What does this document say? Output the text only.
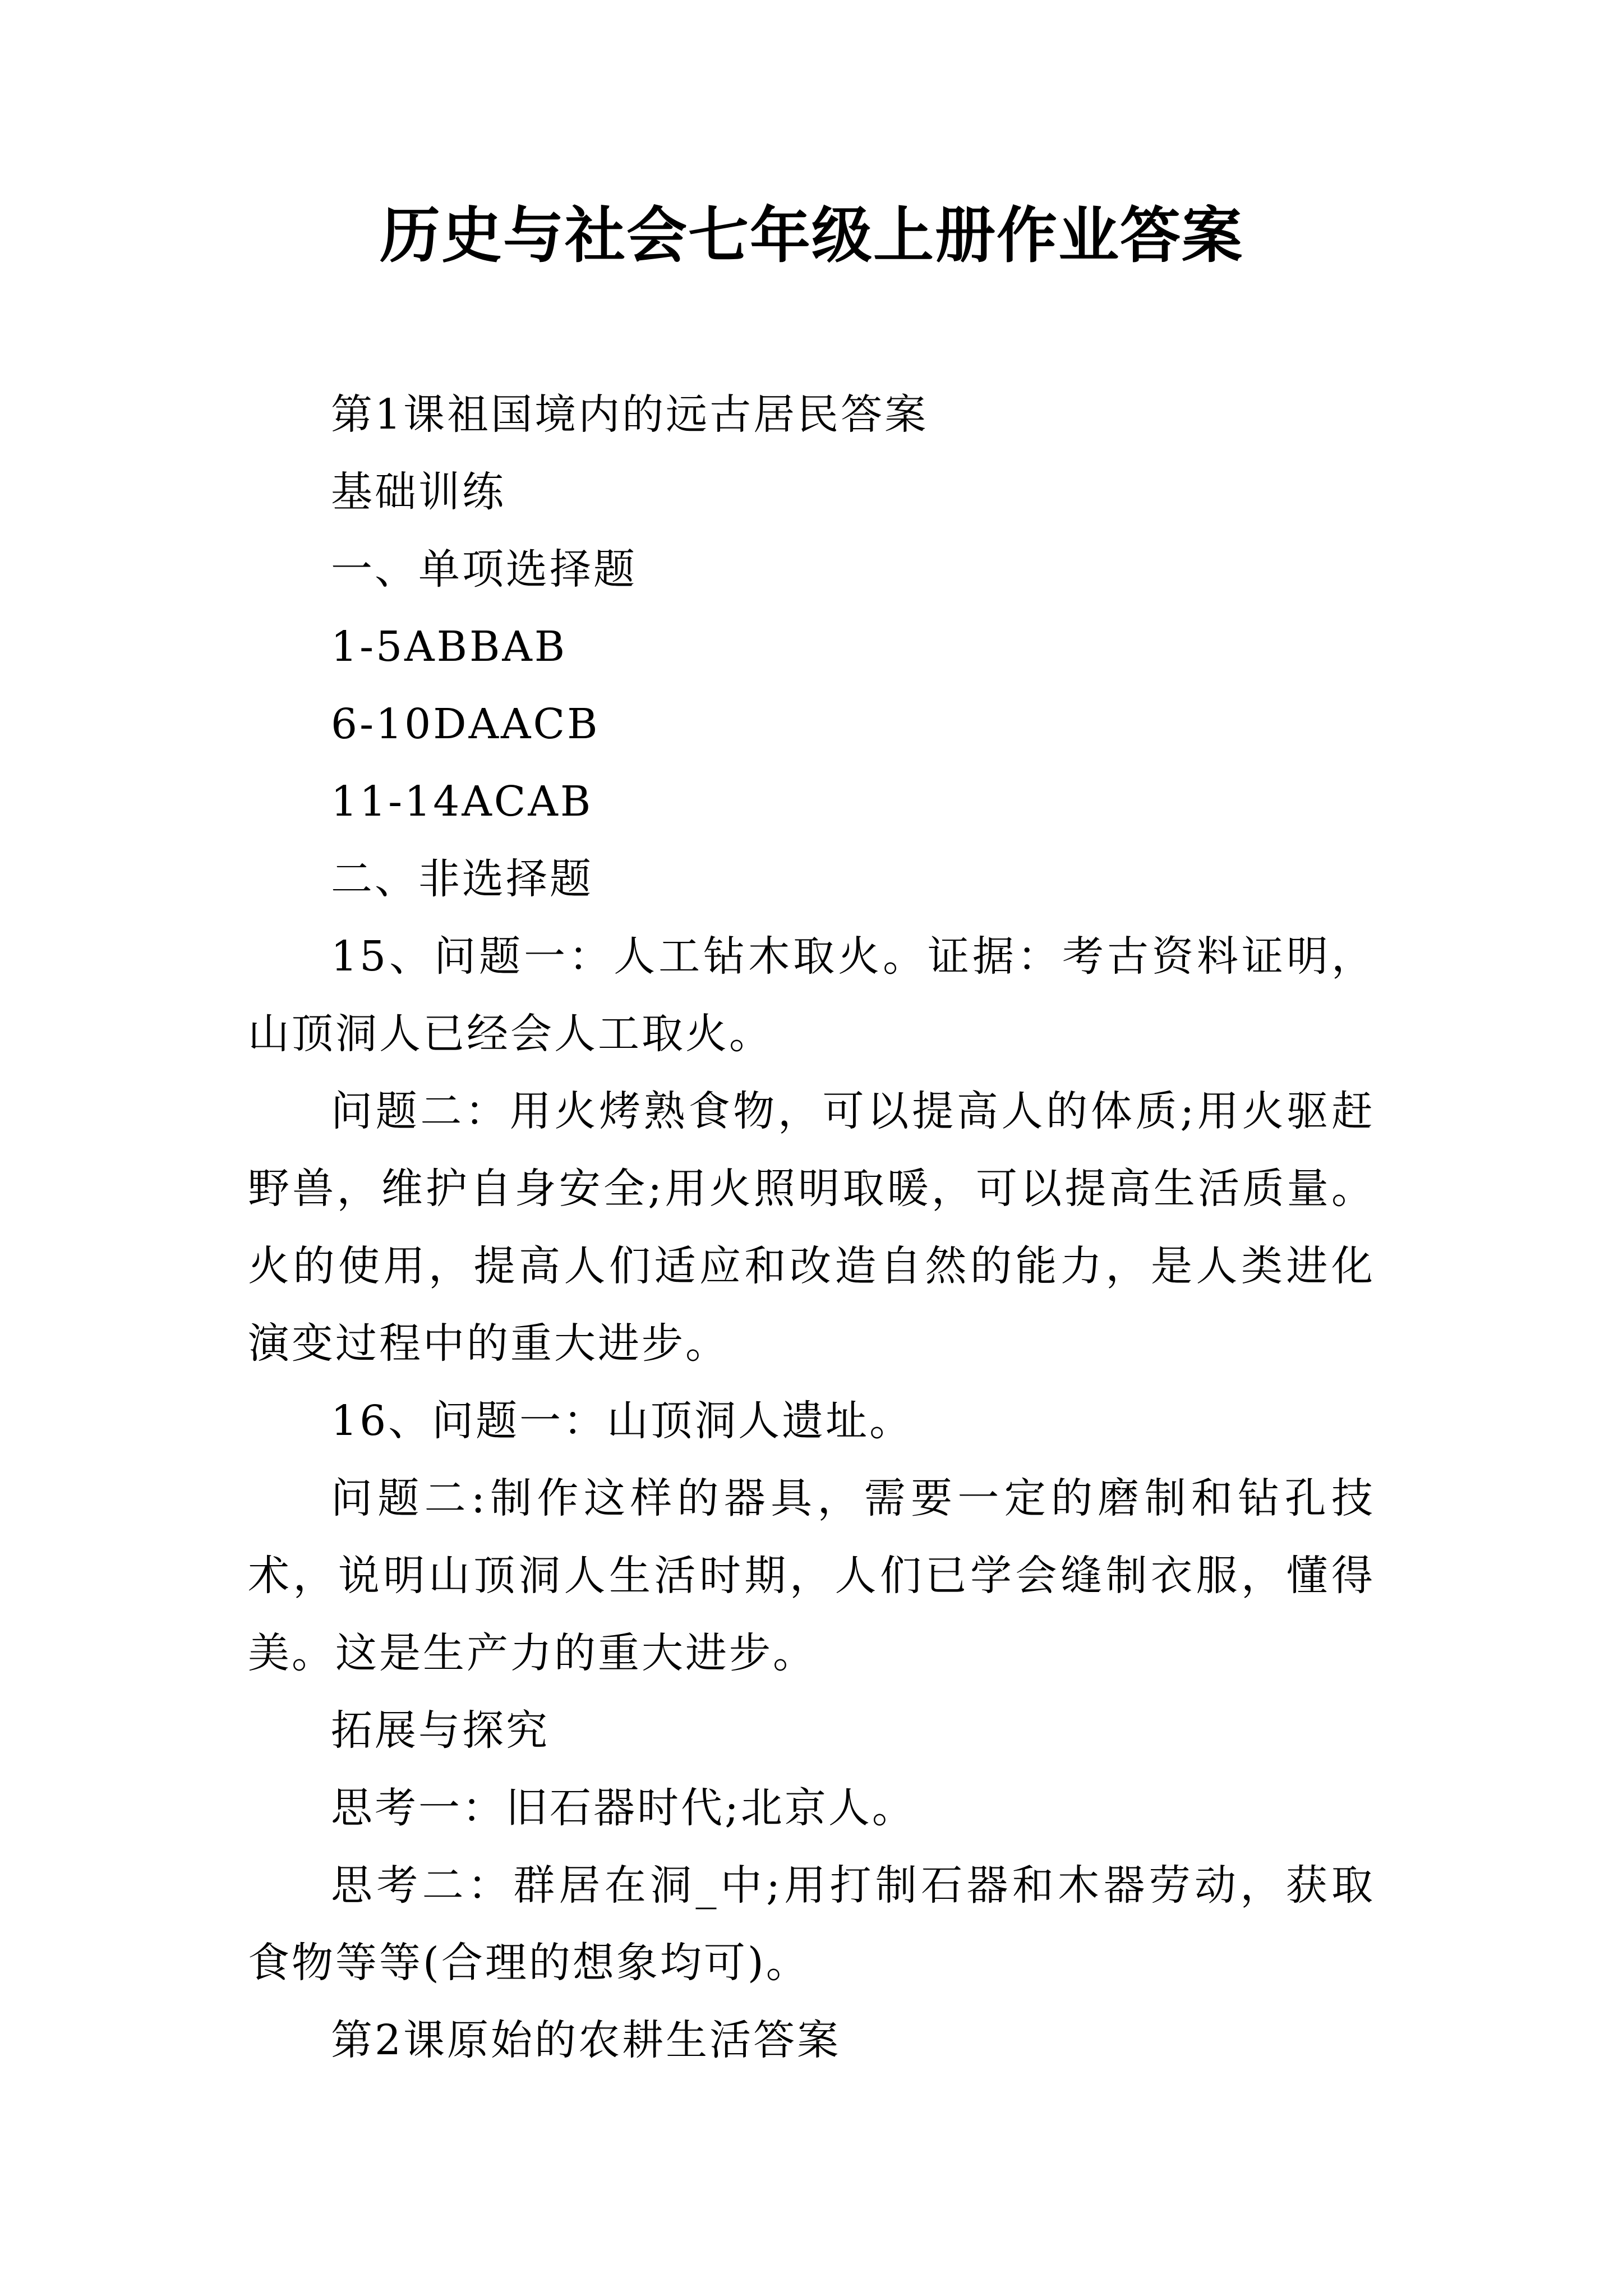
历史与社会七年级上册作业答案

第1课祖国境内的远古居民答案

基础训练

一、单项选择题

1-5ABBAB

6-10DAACB

11-14ACAB

二、非选择题

15、问题一：人工钻木取火。证据：考古资料证明，山顶洞人已经会人工取火。

问题二：用火烤熟食物，可以提高人的体质;用火驱赶野兽，维护自身安全;用火照明取暖，可以提高生活质量。火的使用，提高人们适应和改造自然的能力，是人类进化演变过程中的重大进步。

16、问题一：山顶洞人遗址。

问题二:制作这样的器具，需要一定的磨制和钻孔技术，说明山顶洞人生活时期，人们已学会缝制衣服，懂得美。这是生产力的重大进步。

拓展与探究

思考一：旧石器时代;北京人。

思考二：群居在洞_中;用打制石器和木器劳动，获取食物等等(合理的想象均可)。

第2课原始的农耕生活答案
